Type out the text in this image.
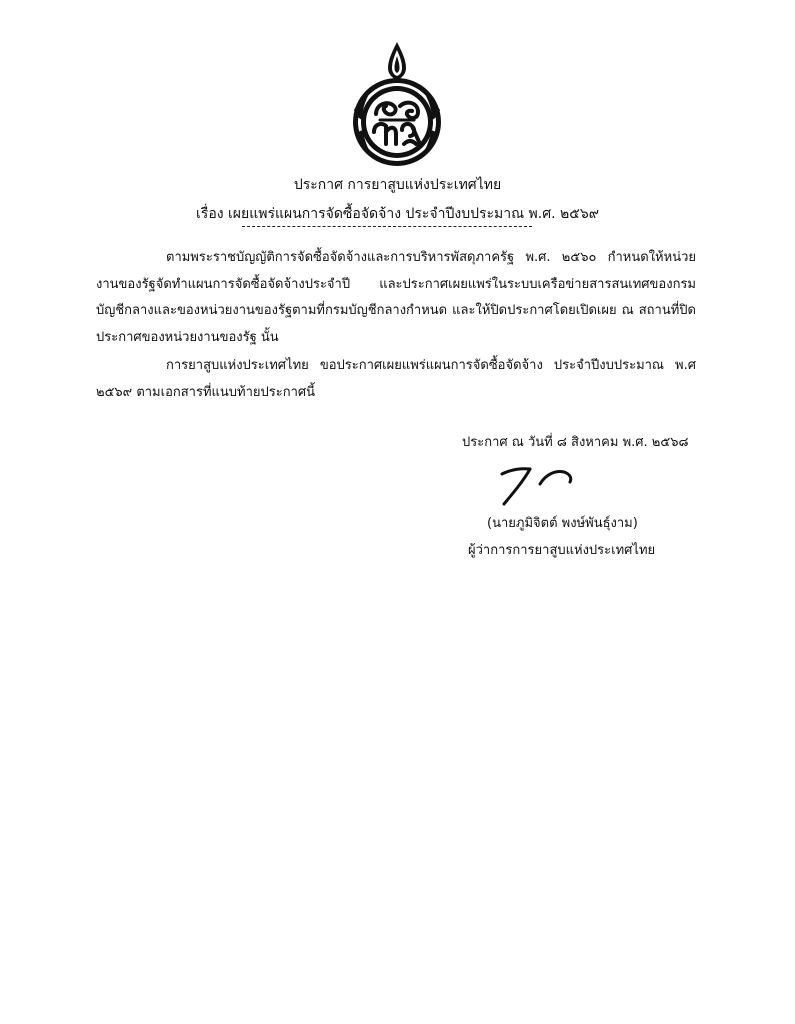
ประกาศ การยาสูบแห่งประเทศไทย
เรื่อง เผยแพร่แผนการจัดซื้อจัดจ้าง ประจำปีงบประมาณ พ.ศ. ๒๕๖๙

ตามพระราชบัญญัติการจัดซื้อจัดจ้างและการบริหารพัสดุภาครัฐ พ.ศ. ๒๕๖๐ กำหนดให้หน่วยงานของรัฐจัดทำแผนการจัดซื้อจัดจ้างประจำปี และประกาศเผยแพร่ในระบบเครือข่ายสารสนเทศของกรมบัญชีกลางและของหน่วยงานของรัฐตามที่กรมบัญชีกลางกำหนด และให้ปิดประกาศโดยเปิดเผย ณ สถานที่ปิดประกาศของหน่วยงานของรัฐ นั้น

การยาสูบแห่งประเทศไทย ขอประกาศเผยแพร่แผนการจัดซื้อจัดจ้าง ประจำปีงบประมาณ พ.ศ ๒๕๖๙ ตามเอกสารที่แนบท้ายประกาศนี้

ประกาศ ณ วันที่ ๘ สิงหาคม พ.ศ. ๒๕๖๘
(นายภูมิจิตต์ พงษ์พันธุ์งาม)
ผู้ว่าการการยาสูบแห่งประเทศไทย
